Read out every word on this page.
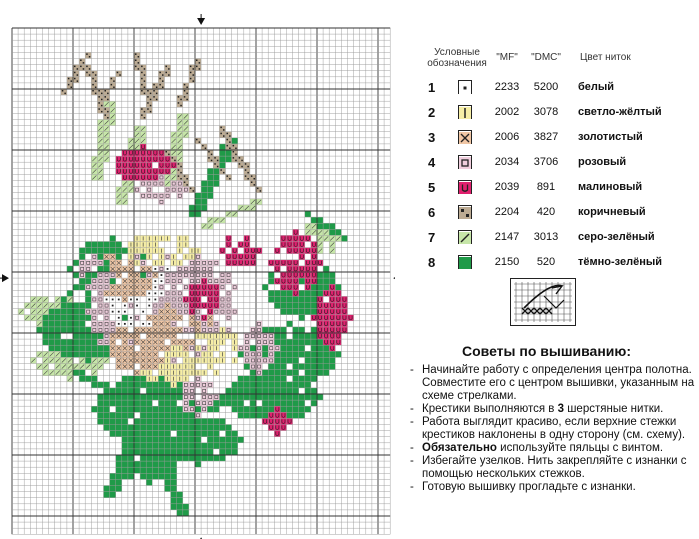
Условные обозначения
"MF" "DMC" Цвет ниток
1	2233	5200	белый
2	2002	3078	светло-жёлтый
3	2006	3827	золотистый
4	2034	3706	розовый
5	2039	891	малиновый
6	2204	420	коричневый
7	2147	3013	серо-зелёный
8	2150	520	тёмно-зелёный
Советы по вышиванию:
- Начинайте работу с определения центра полотна. Совместите его с центром вышивки, указанным на схеме стрелками.
- Крестики выполняются в 3 шерстяные нитки.
- Работа выглядит красиво, если верхние стежки крестиков наклонены в одну сторону (см. схему).
- Обязательно используйте пяльцы с винтом.
- Избегайте узелков. Нить закрепляйте с изнанки с помощью нескольких стежков.
- Готовую вышивку прогладьте с изнанки.
